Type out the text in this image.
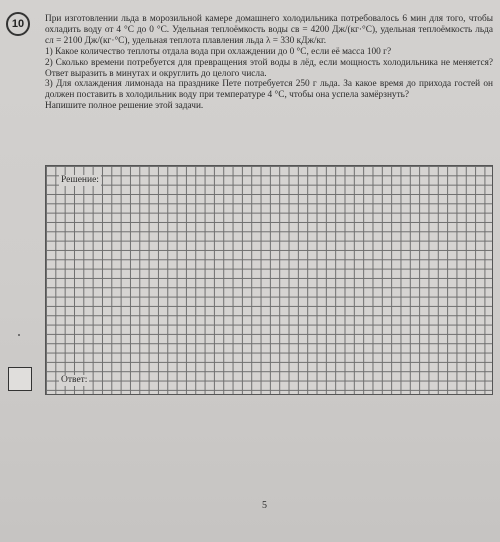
10 При изготовлении льда в морозильной камере домашнего холодильника потребовалось 6 мин для того, чтобы охладить воду от 4 °C до 0 °C. Удельная теплоёмкость воды cв = 4200 Дж/(кг·°C), удельная теплоёмкость льда cл = 2100 Дж/(кг·°C), удельная теплота плавления льда λ = 330 кДж/кг.

1) Какое количество теплоты отдала вода при охлаждении до 0 °C, если её масса 100 г?

2) Сколько времени потребуется для превращения этой воды в лёд, если мощность холодильника не меняется? Ответ выразить в минутах и округлить до целого числа.

3) Для охлаждения лимонада на празднике Пете потребуется 250 г льда. За какое время до прихода гостей он должен поставить в холодильник воду при температуре 4 °C, чтобы она успела замёрзнуть?

Напишите полное решение этой задачи.

Решение:
Ответ:
5
